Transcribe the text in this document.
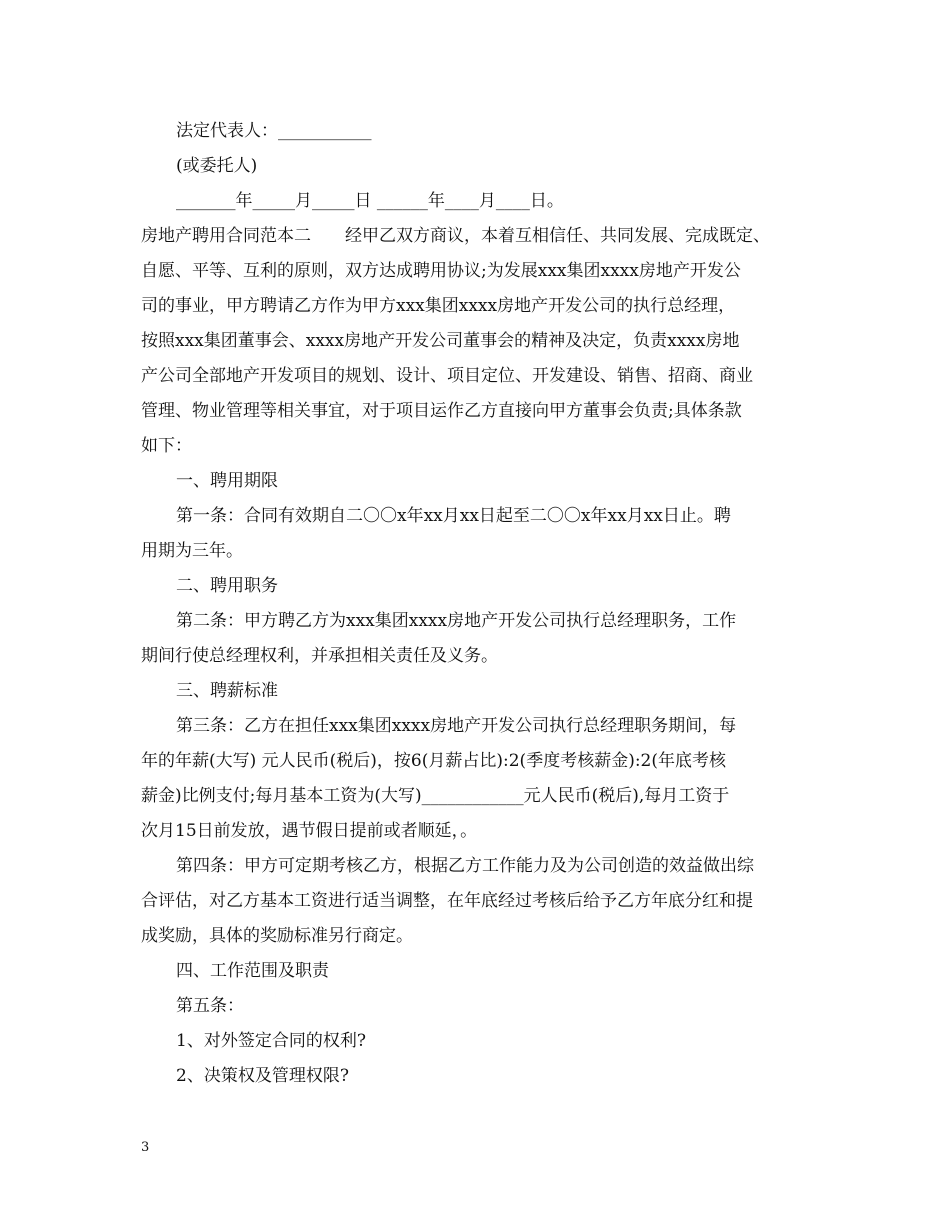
法定代表人：___________
(或委托人)
_______年_____月_____日 ______年____月____日。
房地产聘用合同范本二　　经甲乙双方商议，本着互相信任、共同发展、完成既定、
自愿、平等、互利的原则，双方达成聘用协议;为发展xxx集团xxxx房地产开发公
司的事业，甲方聘请乙方作为甲方xxx集团xxxx房地产开发公司的执行总经理，
按照xxx集团董事会、xxxx房地产开发公司董事会的精神及决定，负责xxxx房地
产公司全部地产开发项目的规划、设计、项目定位、开发建设、销售、招商、商业
管理、物业管理等相关事宜，对于项目运作乙方直接向甲方董事会负责;具体条款
如下：
一、聘用期限
第一条：合同有效期自二〇〇x年xx月xx日起至二〇〇x年xx月xx日止。聘
用期为三年。
二、聘用职务
第二条：甲方聘乙方为xxx集团xxxx房地产开发公司执行总经理职务，工作
期间行使总经理权利，并承担相关责任及义务。
三、聘薪标准
第三条：乙方在担任xxx集团xxxx房地产开发公司执行总经理职务期间，每
年的年薪(大写) 元人民币(税后)，按6(月薪占比):2(季度考核薪金):2(年底考核
薪金)比例支付;每月基本工资为(大写)____________元人民币(税后),每月工资于
次月15日前发放，遇节假日提前或者顺延，。
第四条：甲方可定期考核乙方，根据乙方工作能力及为公司创造的效益做出综
合评估，对乙方基本工资进行适当调整，在年底经过考核后给予乙方年底分红和提
成奖励，具体的奖励标准另行商定。
四、工作范围及职责
第五条：
1、对外签定合同的权利?
2、决策权及管理权限?
3
